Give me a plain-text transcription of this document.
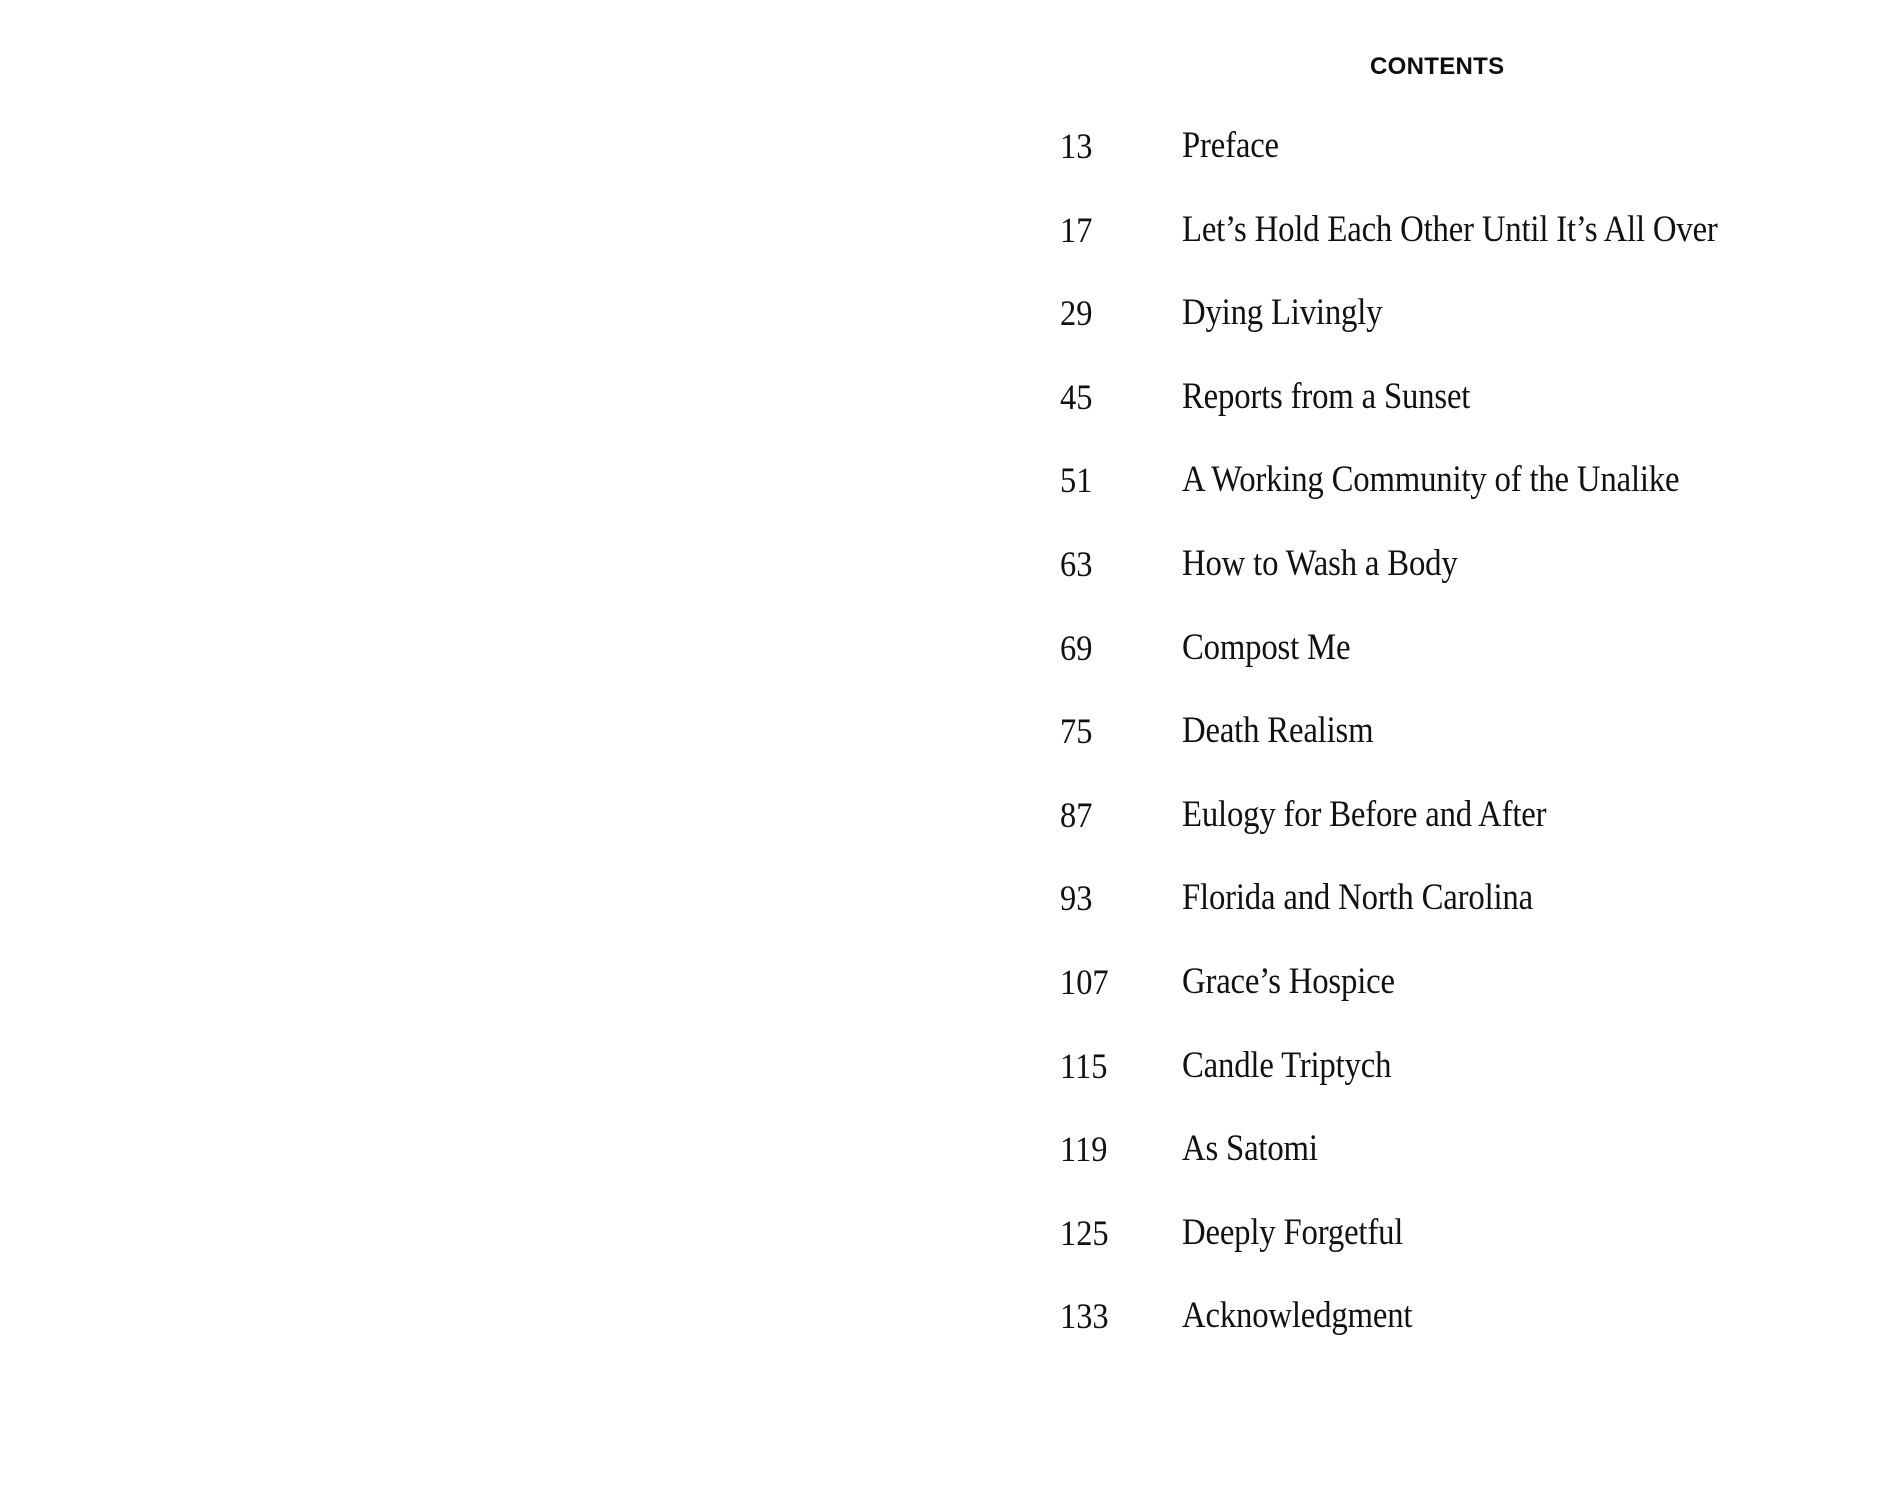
CONTENTS
13 Preface
17 Let’s Hold Each Other Until It’s All Over
29 Dying Livingly
45 Reports from a Sunset
51 A Working Community of the Unalike
63 How to Wash a Body
69 Compost Me
75 Death Realism
87 Eulogy for Before and After
93 Florida and North Carolina
107 Grace’s Hospice
115 Candle Triptych
119 As Satomi
125 Deeply Forgetful
133 Acknowledgment
